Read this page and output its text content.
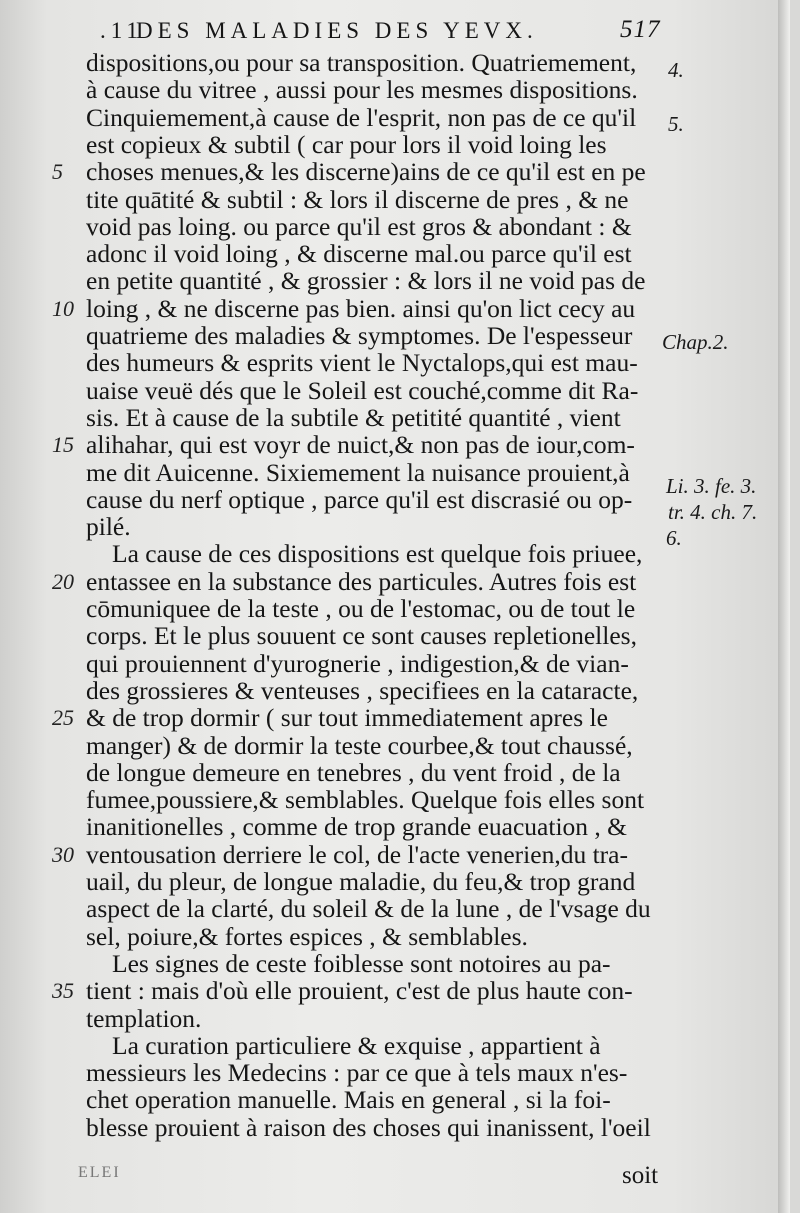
.11
DES MALADIES DES YEVX.	517
dispositions,ou pour sa transposition. Quatriemement,
à cause du vitree , aussi pour les mesmes dispositions.
Cinquiemement,à cause de l'esprit, non pas de ce qu'il
est copieux & subtil ( car pour lors il void loing les
choses menues,& les discerne)ains de ce qu'il est en pe
tite quātité & subtil : & lors il discerne de pres , & ne
void pas loing. ou parce qu'il est gros & abondant : &
adonc il void loing , & discerne mal.ou parce qu'il est
en petite quantité , & grossier : & lors il ne void pas de
loing , & ne discerne pas bien. ainsi qu'on lict cecy au
quatrieme des maladies & symptomes. De l'espesseur
des humeurs & esprits vient le Nyctalops,qui est mau-
uaise veuë dés que le Soleil est couché,comme dit Ra-
sis. Et à cause de la subtile & petitité quantité , vient
alihahar, qui est voyr de nuict,& non pas de iour,com-
me dit Auicenne. Sixiemement la nuisance prouient,à
cause du nerf optique , parce qu'il est discrasié ou op-
pilé.
La cause de ces dispositions est quelque fois priuee,
entassee en la substance des particules. Autres fois est
cōmuniquee de la teste , ou de l'estomac, ou de tout le
corps. Et le plus souuent ce sont causes repletionelles,
qui prouiennent d'yurognerie , indigestion,& de vian-
des grossieres & venteuses , specifiees en la cataracte,
& de trop dormir ( sur tout immediatement apres le
manger) & de dormir la teste courbee,& tout chaussé,
de longue demeure en tenebres , du vent froid , de la
fumee,poussiere,& semblables. Quelque fois elles sont
inanitionelles , comme de trop grande euacuation , &
ventousation derriere le col, de l'acte venerien,du tra-
uail, du pleur, de longue maladie, du feu,& trop grand
aspect de la clarté, du soleil & de la lune , de l'vsage du
sel, poiure,& fortes espices , & semblables.
Les signes de ceste foiblesse sont notoires au pa-
tient : mais d'où elle prouient, c'est de plus haute con-
templation.
La curation particuliere & exquise , appartient à
messieurs les Medecins : par ce que à tels maux n'es-
chet operation manuelle. Mais en general , si la foi-
blesse prouient à raison des choses qui inanissent, l'oeil
5
10
15
20
25
30
35
4.
5.
Chap.2.
Li. 3. fe. 3.
tr. 4. ch. 7.
6.
ELEI	soit
